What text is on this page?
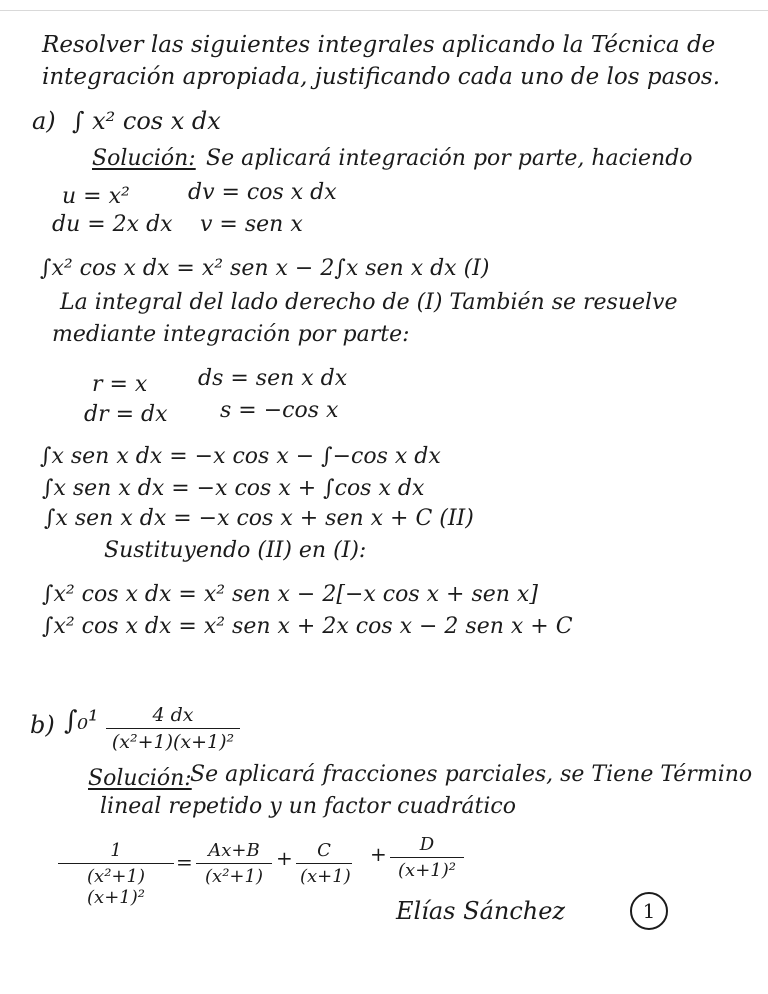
Resolver las siguientes integrales aplicando la Técnica de
integración apropiada, justificando cada uno de los pasos.
a) ∫ x² cos x dx
Solución: Se aplicará integración por parte, haciendo
u = x²	dv = cos x dx
du = 2x dx v = sen x
∫x² cos x dx = x² sen x − 2∫x sen x dx (I)
La integral del lado derecho de (I) También se resuelve
mediante integración por parte:
r = x ds = sen x dx
dr = dx s = −cos x
∫x sen x dx = −x cos x − ∫−cos x dx
∫x sen x dx = −x cos x + ∫cos x dx
∫x sen x dx = −x cos x + sen x + C (II)
Sustituyendo (II) en (I):
∫x² cos x dx = x² sen x − 2[−x cos x + sen x]
∫x² cos x dx = x² sen x + 2x cos x − 2 sen x + C
b) ∫₀¹	4 dx
(x²+1)(x+1)²
Solución:
Se aplicará fracciones parciales, se Tiene Término
lineal repetido y un factor cuadrático
1
(x²+1)(x+1)²
= Ax+B
(x²+1)
+	C
(x+1)
+	D
(x+1)²
Elías Sánchez	1
